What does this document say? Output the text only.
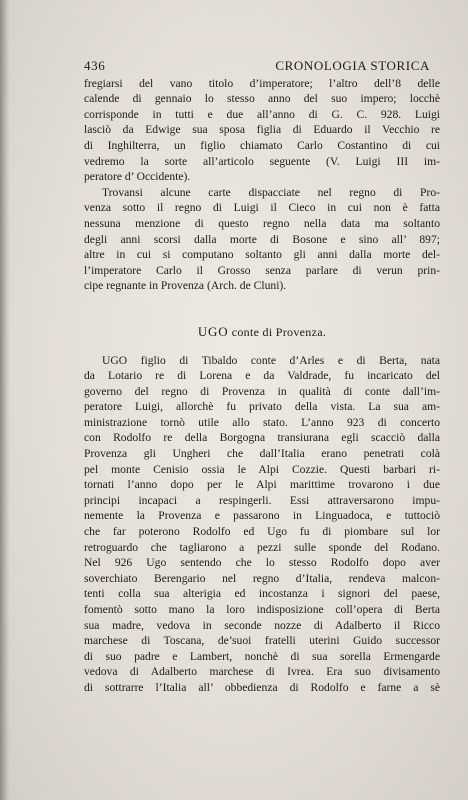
436	CRONOLOGIA STORICA
fregiarsi del vano titolo d’imperatore; l’altro dell’8 delle
calende di gennaio lo stesso anno del suo impero; locchè
corrisponde in tutti e due all’anno di G. C. 928. Luigi
lasciò da Edwige sua sposa figlia di Eduardo il Vecchio re
di Inghilterra, un figlio chiamato Carlo Costantino di cui
vedremo la sorte all’articolo seguente (V. Luigi III im-
peratore d’ Occidente).
Trovansi alcune carte dispacciate nel regno di Pro-
venza sotto il regno di Luigi il Cieco in cui non è fatta
nessuna menzione di questo regno nella data ma soltanto
degli anni scorsi dalla morte di Bosone e sino all’ 897;
altre in cui si computano soltanto gli anni dalla morte del-
l’imperatore Carlo il Grosso senza parlare di verun prin-
cipe regnante in Provenza (Arch. de Cluni).
UGO conte di Provenza.
UGO figlio di Tibaldo conte d’Arles e di Berta, nata
da Lotario re di Lorena e da Valdrade, fu incaricato del
governo del regno di Provenza in qualità di conte dall’im-
peratore Luigi, allorchè fu privato della vista. La sua am-
ministrazione tornò utile allo stato. L’anno 923 di concerto
con Rodolfo re della Borgogna transiurana egli scacciò dalla
Provenza gli Ungheri che dall’Italia erano penetrati colà
pel monte Cenisio ossia le Alpi Cozzie. Questi barbari ri-
tornati l’anno dopo per le Alpi marittime trovarono i due
principi incapaci a respingerli. Essi attraversarono impu-
nemente la Provenza e passarono in Linguadoca, e tuttociò
che far poterono Rodolfo ed Ugo fu di piombare sul lor
retroguardo che tagliarono a pezzi sulle sponde del Rodano.
Nel 926 Ugo sentendo che lo stesso Rodolfo dopo aver
soverchiato Berengario nel regno d’Italia, rendeva malcon-
tenti colla sua alterigia ed incostanza i signori del paese,
fomentò sotto mano la loro indisposizione coll’opera di Berta
sua madre, vedova in seconde nozze di Adalberto il Ricco
marchese di Toscana, de’suoi fratelli uterini Guido successor
di suo padre e Lambert, nonchè di sua sorella Ermengarde
vedova di Adalberto marchese di Ivrea. Era suo divisamento
di sottrarre l’Italia all’ obbedienza di Rodolfo e farne a sè
